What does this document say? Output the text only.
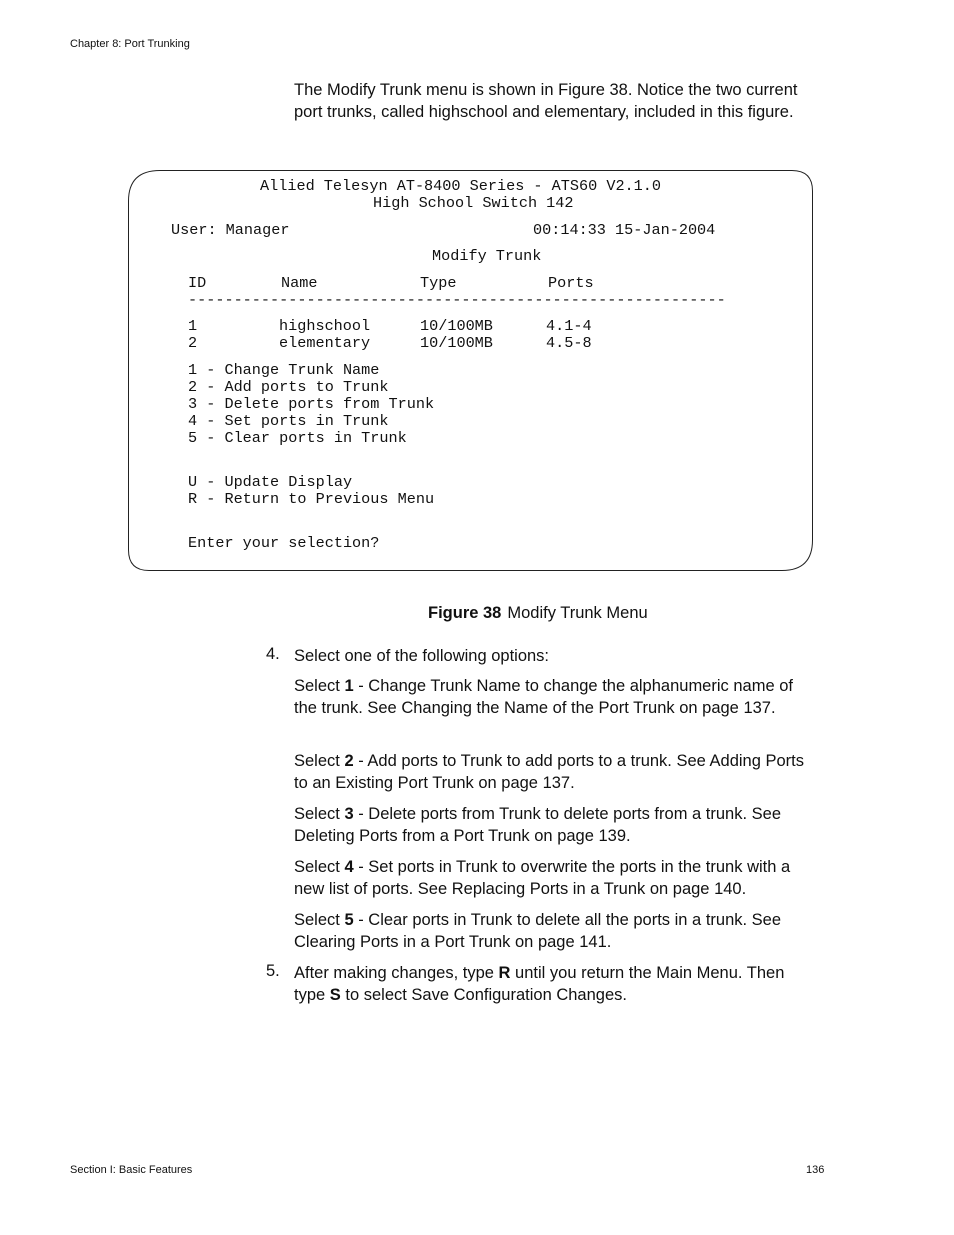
Chapter 8: Port Trunking
The Modify Trunk menu is shown in Figure 38. Notice the two current port trunks, called highschool and elementary, included in this figure.
Allied Telesyn AT-8400 Series - ATS60 V2.1.0
High School Switch 142
User: Manager	00:14:33 15-Jan-2004
Modify Trunk
ID	Name	Type	Ports
-----------------------------------------------------------
1	highschool	10/100MB	4.1-4
2	elementary	10/100MB	4.5-8
1 - Change Trunk Name
2 - Add ports to Trunk
3 - Delete ports from Trunk
4 - Set ports in Trunk
5 - Clear ports in Trunk
U - Update Display
R - Return to Previous Menu
Enter your selection?
Figure 38 Modify Trunk Menu
4. Select one of the following options:
Select 1 - Change Trunk Name to change the alphanumeric name of the trunk. See Changing the Name of the Port Trunk on page 137.
Select 2 - Add ports to Trunk to add ports to a trunk. See Adding Ports to an Existing Port Trunk on page 137.
Select 3 - Delete ports from Trunk to delete ports from a trunk. See Deleting Ports from a Port Trunk on page 139.
Select 4 - Set ports in Trunk to overwrite the ports in the trunk with a new list of ports. See Replacing Ports in a Trunk on page 140.
Select 5 - Clear ports in Trunk to delete all the ports in a trunk. See Clearing Ports in a Port Trunk on page 141.
5. After making changes, type R until you return the Main Menu. Then type S to select Save Configuration Changes.
Section I: Basic Features	136
